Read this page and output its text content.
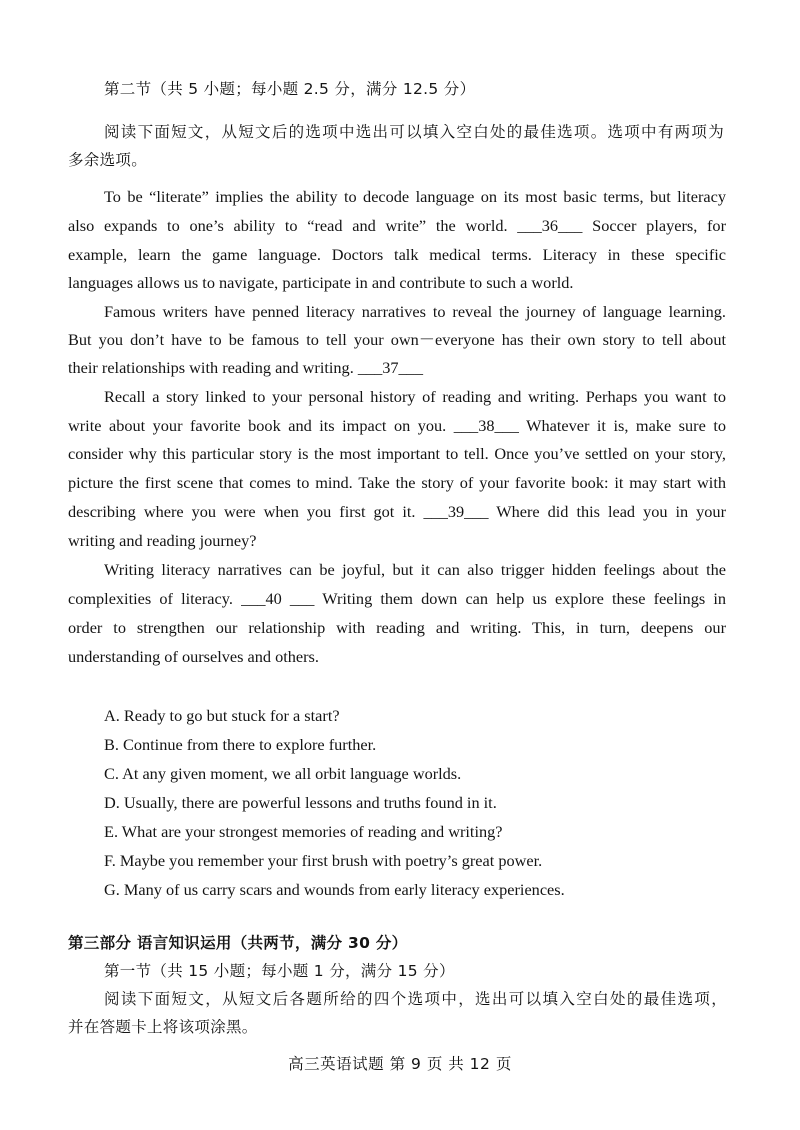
第二节（共 5 小题；每小题 2.5 分，满分 12.5 分）
阅读下面短文，从短文后的选项中选出可以填入空白处的最佳选项。选项中有两项为
多余选项。
To be “literate” implies the ability to decode language on its most basic terms, but literacy
also expands to one’s ability to “read and write” the world. ___36___ Soccer players, for
example, learn the game language. Doctors talk medical terms. Literacy in these specific
languages allows us to navigate, participate in and contribute to such a world.
Famous writers have penned literacy narratives to reveal the journey of language learning.
But you don’t have to be famous to tell your own－everyone has their own story to tell about
their relationships with reading and writing. ___37___
Recall a story linked to your personal history of reading and writing. Perhaps you want to
write about your favorite book and its impact on you. ___38___ Whatever it is, make sure to
consider why this particular story is the most important to tell. Once you’ve settled on your story,
picture the first scene that comes to mind. Take the story of your favorite book: it may start with
describing where you were when you first got it. ___39___ Where did this lead you in your
writing and reading journey?
Writing literacy narratives can be joyful, but it can also trigger hidden feelings about the
complexities of literacy. ___40 ___ Writing them down can help us explore these feelings in
order to strengthen our relationship with reading and writing. This, in turn, deepens our
understanding of ourselves and others.
A. Ready to go but stuck for a start?
B. Continue from there to explore further.
C. At any given moment, we all orbit language worlds.
D. Usually, there are powerful lessons and truths found in it.
E. What are your strongest memories of reading and writing?
F. Maybe you remember your first brush with poetry’s great power.
G. Many of us carry scars and wounds from early literacy experiences.
第三部分 语言知识运用（共两节，满分 30 分）
第一节（共 15 小题；每小题 1 分，满分 15 分）
阅读下面短文，从短文后各题所给的四个选项中，选出可以填入空白处的最佳选项，
并在答题卡上将该项涂黑。
高三英语试题 第 9 页 共 12 页
